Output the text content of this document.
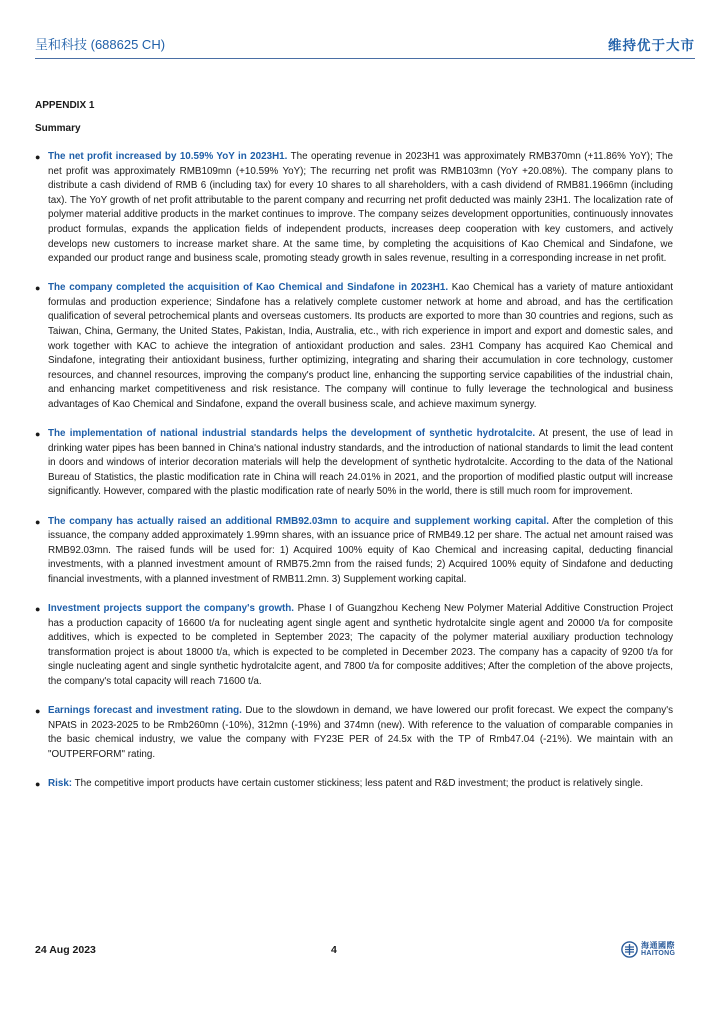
呈和科技 (688625 CH)	维持优于大市
APPENDIX 1
Summary
● The net profit increased by 10.59% YoY in 2023H1. The operating revenue in 2023H1 was approximately RMB370mn (+11.86% YoY); The net profit was approximately RMB109mn (+10.59% YoY); The recurring net profit was RMB103mn (YoY +20.08%). The company plans to distribute a cash dividend of RMB 6 (including tax) for every 10 shares to all shareholders, with a cash dividend of RMB81.1966mn (including tax). The YoY growth of net profit attributable to the parent company and recurring net profit deducted was mainly 23H1. The localization rate of polymer material additive products in the market continues to improve. The company seizes development opportunities, continuously innovates product formulas, expands the application fields of independent products, increases deep cooperation with key customers, and actively develops new customers to increase market share. At the same time, by completing the acquisitions of Kao Chemical and Sindafone, we expanded our product range and business scale, promoting steady growth in sales revenue, resulting in a corresponding increase in net profit.
● The company completed the acquisition of Kao Chemical and Sindafone in 2023H1. Kao Chemical has a variety of mature antioxidant formulas and production experience; Sindafone has a relatively complete customer network at home and abroad, and has the certification qualification of several petrochemical plants and overseas customers. Its products are exported to more than 30 countries and regions, such as Taiwan, China, Germany, the United States, Pakistan, India, Australia, etc., with rich experience in import and export and domestic sales, and work together with KAC to achieve the integration of antioxidant production and sales. 23H1 Company has acquired Kao Chemical and Sindafone, integrating their antioxidant business, further optimizing, integrating and sharing their accumulation in core technology, customer resources, and channel resources, improving the company's product line, enhancing the supporting service capabilities of the industrial chain, and enhancing market competitiveness and risk resistance. The company will continue to fully leverage the technological and business advantages of Kao Chemical and Sindafone, expand the overall business scale, and achieve maximum synergy.
● The implementation of national industrial standards helps the development of synthetic hydrotalcite. At present, the use of lead in drinking water pipes has been banned in China's national industry standards, and the introduction of national standards to limit the lead content in doors and windows of interior decoration materials will help the development of synthetic hydrotalcite. According to the data of the National Bureau of Statistics, the plastic modification rate in China will reach 24.01% in 2021, and the proportion of modified plastic output will increase significantly. However, compared with the plastic modification rate of nearly 50% in the world, there is still much room for improvement.
● The company has actually raised an additional RMB92.03mn to acquire and supplement working capital. After the completion of this issuance, the company added approximately 1.99mn shares, with an issuance price of RMB49.12 per share. The actual net amount raised was RMB92.03mn. The raised funds will be used for: 1) Acquired 100% equity of Kao Chemical and increasing capital, deducting financial investments, with a planned investment amount of RMB75.2mn from the raised funds; 2) Acquired 100% equity of Sindafone and deducting financial investments, with a planned investment of RMB11.2mn. 3) Supplement working capital.
● Investment projects support the company's growth. Phase I of Guangzhou Kecheng New Polymer Material Additive Construction Project has a production capacity of 16600 t/a for nucleating agent single agent and synthetic hydrotalcite single agent and 20000 t/a for composite additives, which is expected to be completed in September 2023; The capacity of the polymer material auxiliary production technology transformation project is about 18000 t/a, which is expected to be completed in December 2023. The company has a capacity of 9200 t/a for single nucleating agent and single synthetic hydrotalcite agent, and 7800 t/a for composite additives; After the completion of the above projects, the company's total capacity will reach 71600 t/a.
● Earnings forecast and investment rating. Due to the slowdown in demand, we have lowered our profit forecast. We expect the company's NPAtS in 2023-2025 to be Rmb260mn (-10%), 312mn (-19%) and 374mn (new). With reference to the valuation of comparable companies in the basic chemical industry, we value the company with FY23E PER of 24.5x with the TP of Rmb47.04 (-21%). We maintain with an "OUTPERFORM" rating.
● Risk: The competitive import products have certain customer stickiness; less patent and R&D investment; the product is relatively single.
24 Aug 2023	4	海通國際
HAITONG
